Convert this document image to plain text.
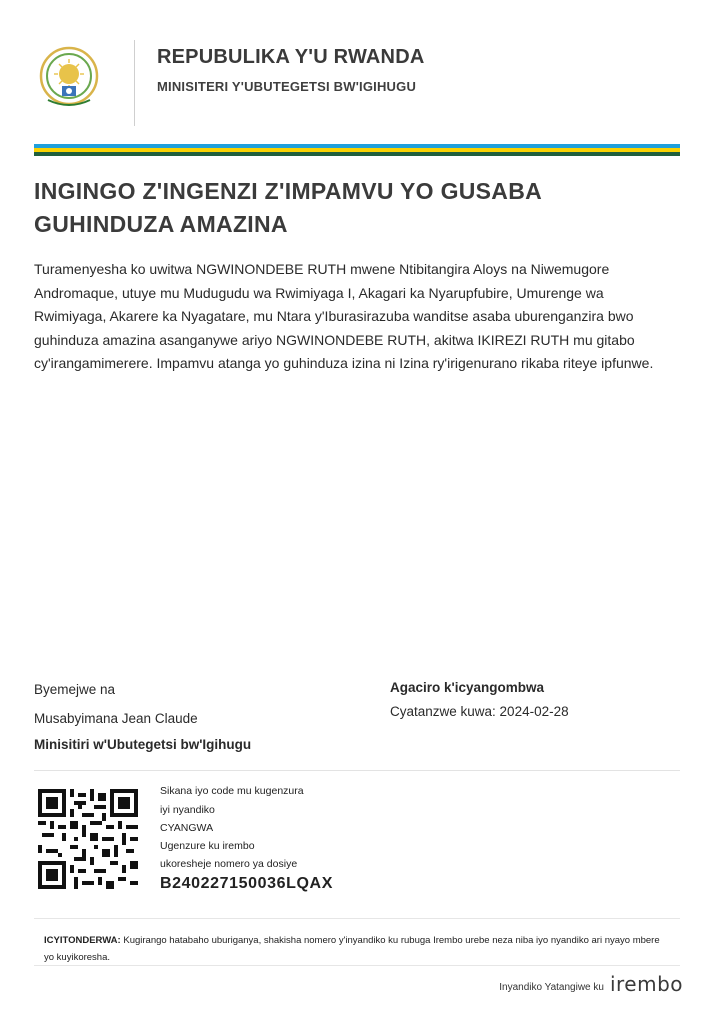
REPUBULIKA Y'U RWANDA
MINISITERI Y'UBUTEGETSI BW'IGIHUGU
INGINGO Z'INGENZI Z'IMPAMVU YO GUSABA GUHINDUZA AMAZINA
Turamenyesha ko uwitwa NGWINONDEBE RUTH mwene Ntibitangira Aloys na Niwemugore Andromaque, utuye mu Mudugudu wa Rwimiyaga I, Akagari ka Nyarupfubire, Umurenge wa Rwimiyaga, Akarere ka Nyagatare, mu Ntara y'Iburasirazuba wanditse asaba uburenganzira bwo guhinduza amazina asanganywe ariyo NGWINONDEBE RUTH, akitwa IKIREZI RUTH mu gitabo cy'irangamimerere. Impamvu atanga yo guhinduza izina ni Izina ry'irigenurano rikaba riteye ipfunwe.
Byemejwe na
Musabyimana Jean Claude
Minisitiri w'Ubutegetsi bw'Igihugu
Agaciro k'icyangombwa
Cyatanzwe kuwa: 2024-02-28
Sikana iyo code mu kugenzura
iyi nyandiko
CYANGWA
Ugenzure ku irembo
ukoresheje nomero ya dosiye
B240227150036LQAX
ICYITONDERWA: Kugirango hatabaho uburiganya, shakisha nomero y'inyandiko ku rubuga Irembo urebe neza niba iyo nyandiko ari nyayo mbere yo kuyikoresha.
Inyandiko Yatangiwe ku irembo
